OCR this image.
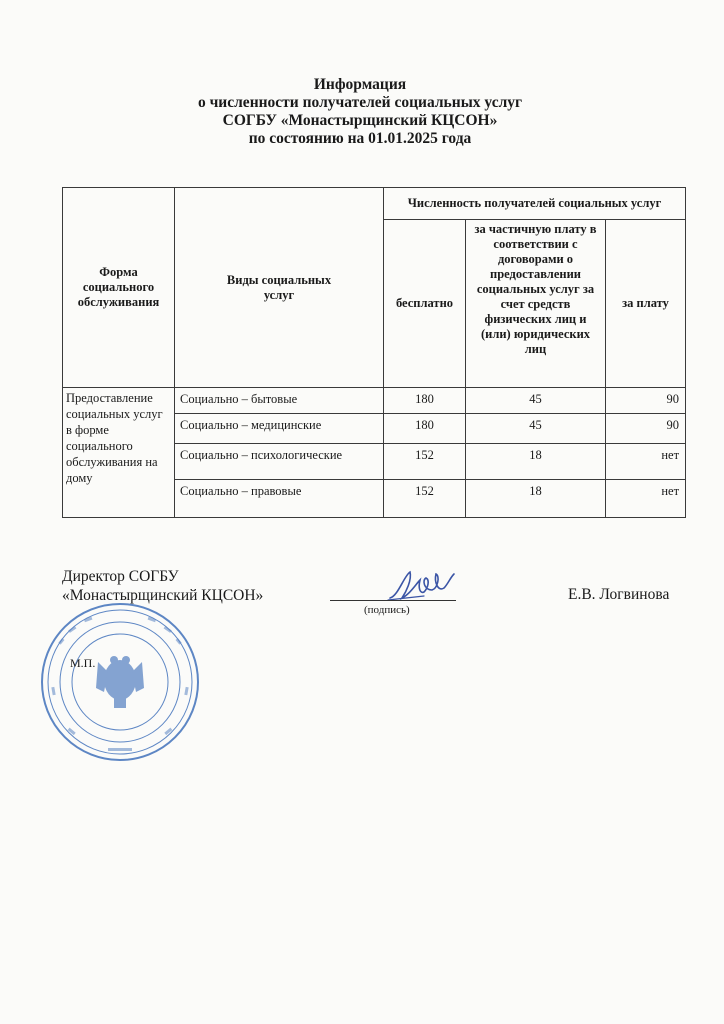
Информация
о численности получателей социальных услуг
СОГБУ «Монастырщинский КЦСОН»
по состоянию на 01.01.2025 года
Форма социального обслуживания	Виды социальных услуг	Численность получателей социальных услуг		
		бесплатно	за частичную плату в соответствии с договорами о предоставлении социальных услуг за счет средств физических лиц и (или) юридических лиц	за плату
Предоставление социальных услуг в форме социального обслуживания на дому	Социально – бытовые	180	45	90
	Социально – медицинские	180	45	90
	Социально – психологические	152	18	нет
	Социально – правовые	152	18	нет
Директор СОГБУ
«Монастырщинский КЦСОН»
(подпись)
Е.В. Логвинова
М.П.
